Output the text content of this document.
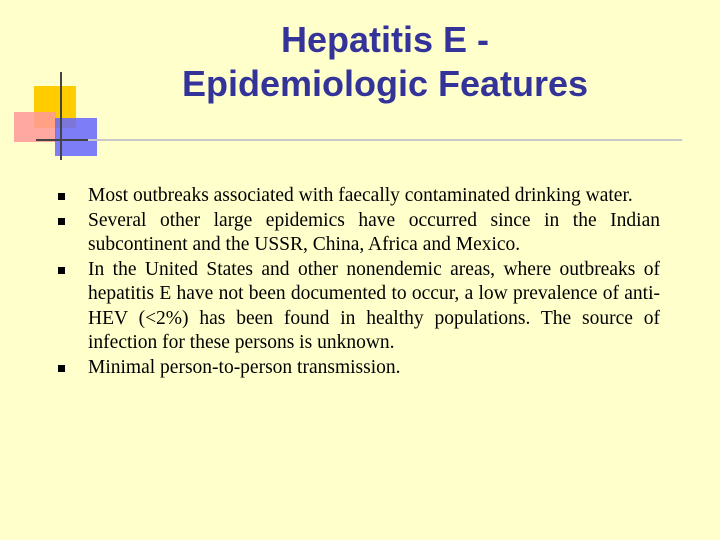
Hepatitis E -
Epidemiologic Features
Most outbreaks associated with faecally contaminated drinking water.
Several other large epidemics have occurred since in the Indian subcontinent and the USSR, China, Africa and Mexico.
In the United States and other nonendemic areas, where outbreaks of hepatitis E have not been documented to occur, a low prevalence of anti-HEV (<2%) has been found in healthy populations. The source of infection for these persons is unknown.
Minimal person-to-person transmission.
